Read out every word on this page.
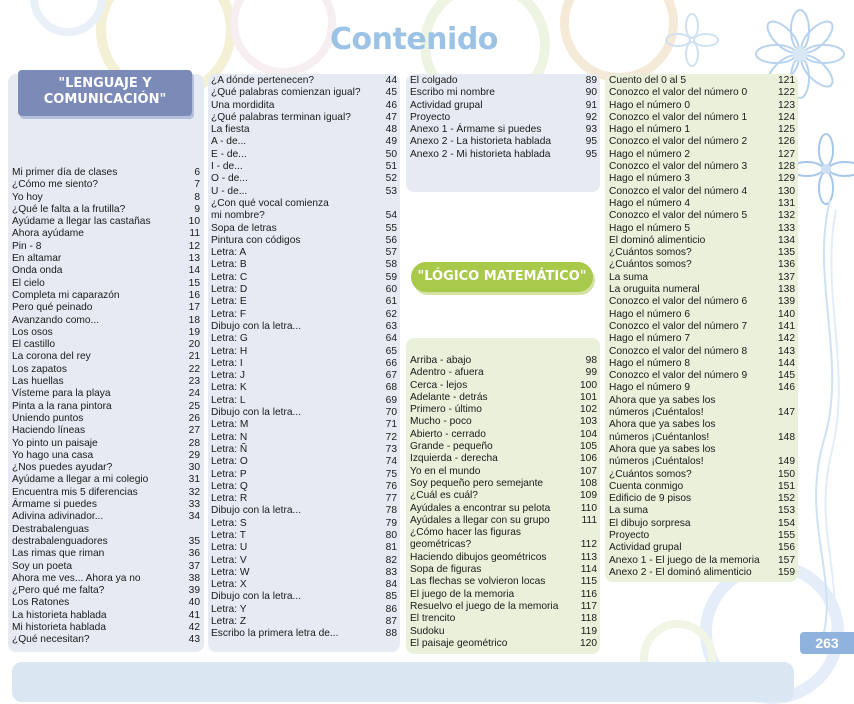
Contenido
"LENGUAJE Y
COMUNICACIÓN"
"LÓGICO MATEMÁTICO"
Mi primer día de clases	6
¿Cómo me siento?	7
Yo hoy	8
¿Qué le falta a la frutilla?	9
Ayúdame a llegar las castañas	10
Ahora ayúdame	11
Pin - 8	12
En altamar	13
Onda onda	14
El cielo	15
Completa mi caparazón	16
Pero qué peinado	17
Avanzando como...	18
Los osos	19
El castillo	20
La corona del rey	21
Los zapatos	22
Las huellas	23
Vísteme para la playa	24
Pinta a la rana pintora	25
Uniendo puntos	26
Haciendo líneas	27
Yo pinto un paisaje	28
Yo hago una casa	29
¿Nos puedes ayudar?	30
Ayúdame a llegar a mi colegio	31
Encuentra mis 5 diferencias	32
Ármame si puedes	33
Adivina adivinador...	34
Destrabalenguas
destrabalenguadores	35
Las rimas que riman	36
Soy un poeta	37
Ahora me ves... Ahora ya no	38
¿Pero qué me falta?	39
Los Ratones	40
La historieta hablada	41
Mi historieta hablada	42
¿Qué necesitan?	43
¿A dónde pertenecen?	44
¿Qué palabras comienzan igual? 45
Una mordidita	46
¿Qué palabras terminan igual?	47
La fiesta	48
A - de...	49
E - de...	50
I - de...	51
O - de...	52
U - de...	53
¿Con qué vocal comienza
mi nombre?	54
Sopa de letras	55
Pintura con códigos	56
Letra: A	57
Letra: B	58
Letra: C	59
Letra: D	60
Letra: E	61
Letra: F	62
Dibujo con la letra...	63
Letra: G	64
Letra: H	65
Letra: I	66
Letra: J	67
Letra: K	68
Letra: L	69
Dibujo con la letra...	70
Letra: M	71
Letra: N	72
Letra: Ñ	73
Letra: O	74
Letra: P	75
Letra: Q	76
Letra: R	77
Dibujo con la letra...	78
Letra: S	79
Letra: T	80
Letra: U	81
Letra: V	82
Letra: W	83
Letra: X	84
Dibujo con la letra...	85
Letra: Y	86
Letra: Z	87
Escribo la primera letra de...	88
El colgado	89
Escribo mi nombre	90
Actividad grupal	91
Proyecto	92
Anexo 1 - Ármame si puedes	93
Anexo 2 - La historieta hablada	95
Anexo 2 - Mi historieta hablada	95
Arriba - abajo	98
Adentro - afuera	99
Cerca - lejos	100
Adelante - detrás	101
Primero - último	102
Mucho - poco	103
Abierto - cerrado	104
Grande - pequeño	105
Izquierda - derecha	106
Yo en el mundo	107
Soy pequeño pero semejante	108
¿Cuál es cuál?	109
Ayúdales a encontrar su pelota	110
Ayúdales a llegar con su grupo	111
¿Cómo hacer las figuras
geométricas?	112
Haciendo dibujos geométricos	113
Sopa de figuras	114
Las flechas se volvieron locas	115
El juego de la memoria	116
Resuelvo el juego de la memoria 117
El trencito	118
Sudoku	119
El paisaje geométrico	120
Cuento del 0 al 5	121
Conozco el valor del número 0	122
Hago el número 0	123
Conozco el valor del número 1	124
Hago el número 1	125
Conozco el valor del número 2	126
Hago el número 2	127
Conozco el valor del número 3	128
Hago el número 3	129
Conozco el valor del número 4	130
Hago el número 4	131
Conozco el valor del número 5	132
Hago el número 5	133
El dominó alimenticio	134
¿Cuántos somos?	135
¿Cuántos somos?	136
La suma	137
La oruguita numeral	138
Conozco el valor del número 6	139
Hago el número 6	140
Conozco el valor del número 7	141
Hago el número 7	142
Conozco el valor del número 8	143
Hago el número 8	144
Conozco el valor del número 9	145
Hago el número 9	146
Ahora que ya sabes los
números ¡Cuéntalos!	147
Ahora que ya sabes los
números ¡Cuéntanlos!	148
Ahora que ya sabes los
números ¡Cuéntalos!	149
¿Cuántos somos?	150
Cuenta conmigo	151
Edificio de 9 pisos	152
La suma	153
El dibujo sorpresa	154
Proyecto	155
Actividad grupal	156
Anexo 1 - El juego de la memoria 157
Anexo 2 - El dominó alimenticio	159
263
